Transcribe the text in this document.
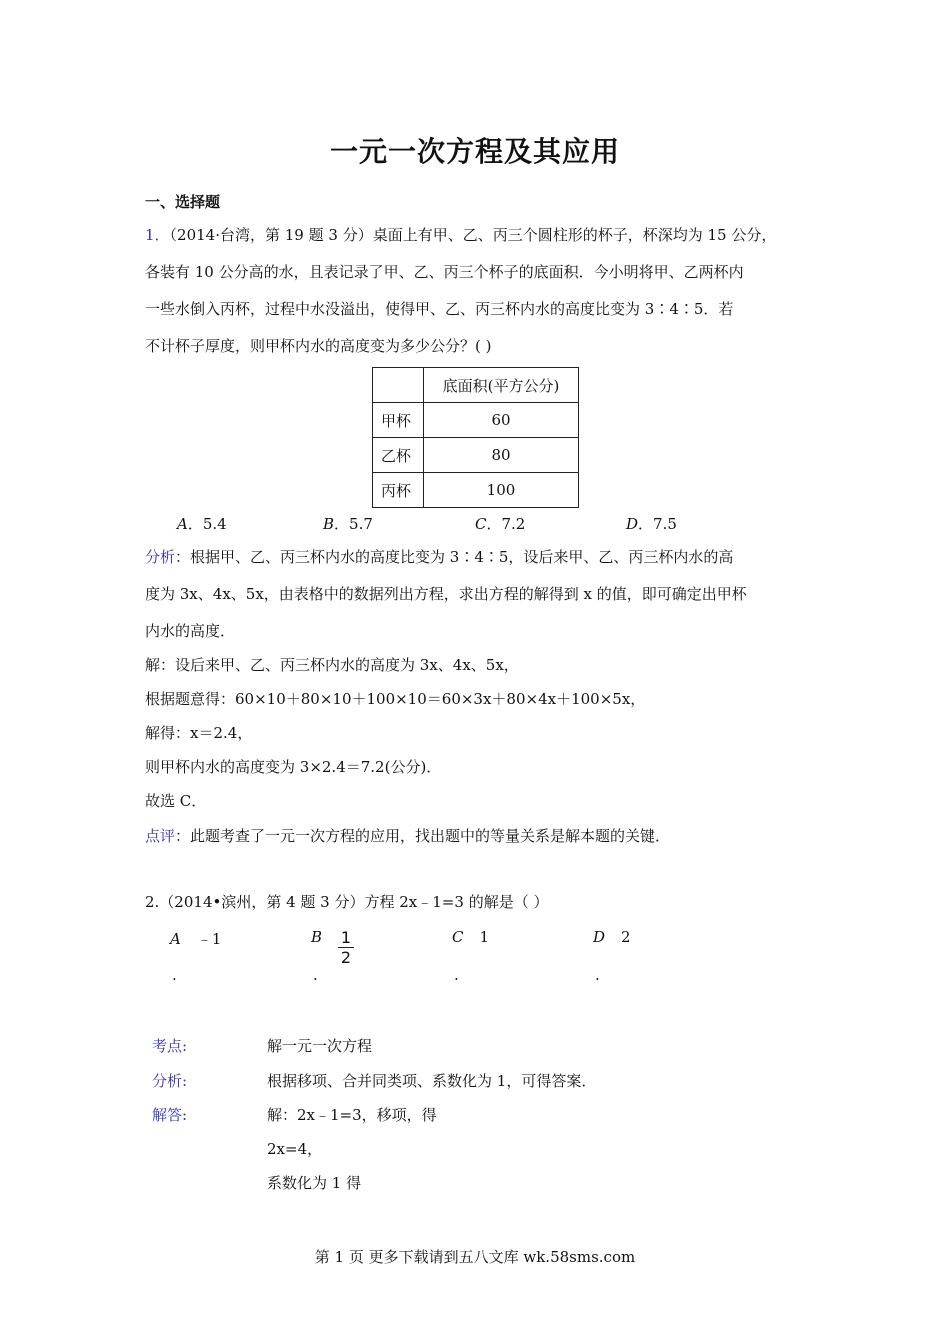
一元一次方程及其应用
一、选择题
1．（2014·台湾，第 19 题 3 分）桌面上有甲、乙、丙三个圆柱形的杯子，杯深均为 15 公分，
各装有 10 公分高的水，且表记录了甲、乙、丙三个杯子的底面积．今小明将甲、乙两杯内
一些水倒入丙杯，过程中水没溢出，使得甲、乙、丙三杯内水的高度比变为 3∶4∶5．若
不计杯子厚度，则甲杯内水的高度变为多少公分？( )
	底面积(平方公分)
甲杯	60
乙杯	80
丙杯	100
A．5.4	B．5.7	C．7.2	D．7.5
分析：根据甲、乙、丙三杯内水的高度比变为 3∶4∶5，设后来甲、乙、丙三杯内水的高
度为 3x、4x、5x，由表格中的数据列出方程，求出方程的解得到 x 的值，即可确定出甲杯
内水的高度．
解：设后来甲、乙、丙三杯内水的高度为 3x、4x、5x，
根据题意得：60×10＋80×10＋100×10＝60×3x＋80×4x＋100×5x，
解得：x＝2.4，
则甲杯内水的高度变为 3×2.4＝7.2(公分)．
故选 C．
点评：此题考查了一元一次方程的应用，找出题中的等量关系是解本题的关键．
2.（2014•滨州，第 4 题 3 分）方程 2x﹣1=3 的解是（ ）
A ﹣1
.
B $\frac{1}{2}$
.
C 1
.
D 2
.
考点:	解一元一次方程
分析:	根据移项、合并同类项、系数化为 1，可得答案．
解答:	解：2x﹣1=3，移项，得
2x=4，
系数化为 1 得
第 1 页 更多下载请到五八文库 wk.58sms.com
